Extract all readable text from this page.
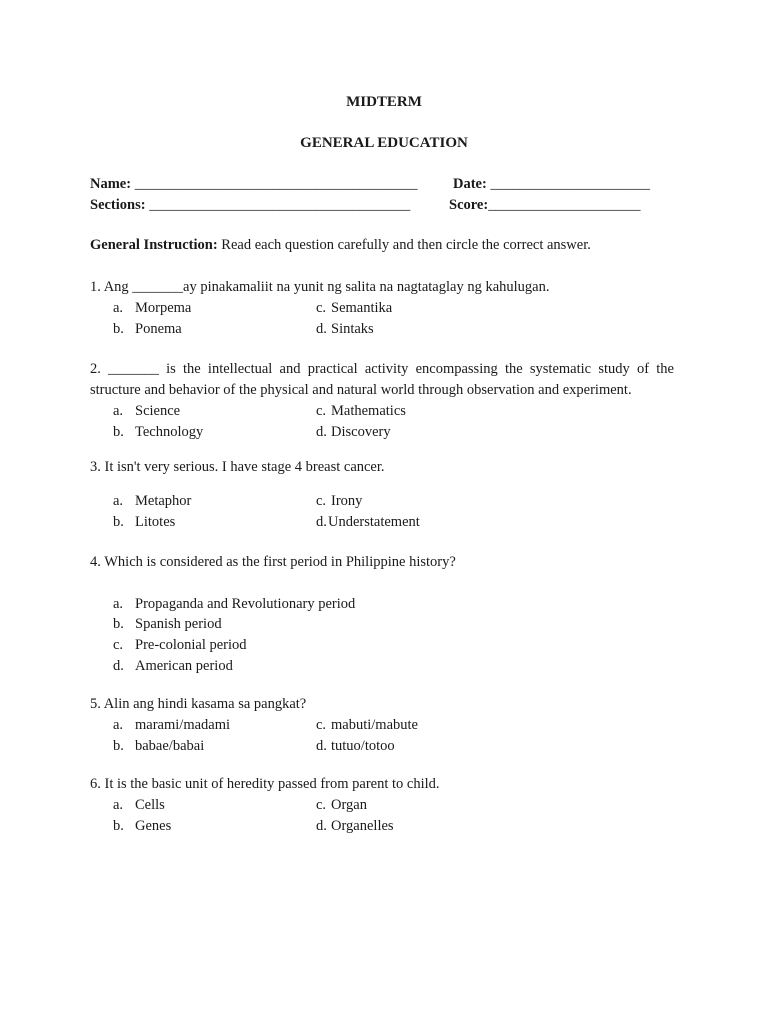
MIDTERM
GENERAL EDUCATION
Name: _______________________________________ Date: ______________________
Sections: ____________________________________	Score:_____________________
General Instruction: Read each question carefully and then circle the correct answer.
1. Ang _______ay pinakamaliit na yunit ng salita na nagtataglay ng kahulugan.
a. Morpema	c. Semantika
b. Ponema	d. Sintaks
2. _______ is the intellectual and practical activity encompassing the systematic study of the
structure and behavior of the physical and natural world through observation and experiment.
a. Science	c. Mathematics
b. Technology	d. Discovery
3. It isn't very serious. I have stage 4 breast cancer.
a. Metaphor	c. Irony
b. Litotes	d. Understatement
4. Which is considered as the first period in Philippine history?
a. Propaganda and Revolutionary period
b. Spanish period
c. Pre-colonial period
d. American period
5. Alin ang hindi kasama sa pangkat?
a. marami/madami	c. mabuti/mabute
b. babae/babai	d. tutuo/totoo
6. It is the basic unit of heredity passed from parent to child.
a. Cells	c. Organ
b. Genes	d. Organelles
